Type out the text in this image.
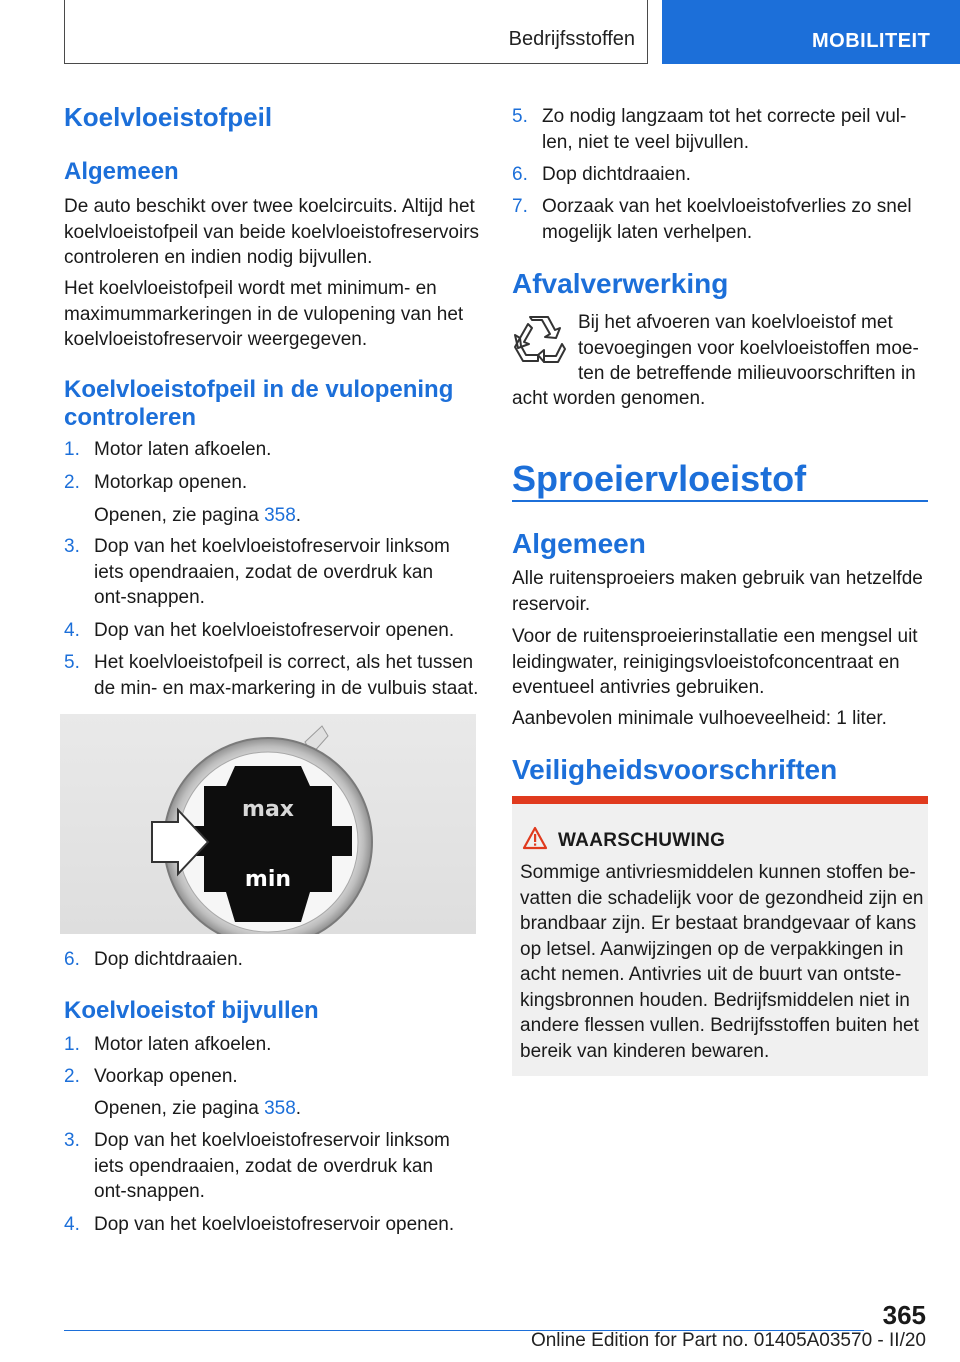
Bedrijfsstoffen	MOBILITEIT
Koelvloeistofpeil
Algemeen
De auto beschikt over twee koelcircuits. Altijd het koelvloeistofpeil van beide koelvloeistofreservoirs controleren en indien nodig bijvullen.
Het koelvloeistofpeil wordt met minimum- en maximummarkeringen in de vulopening van het koelvloeistofreservoir weergegeven.
Koelvloeistofpeil in de vulopening controleren
1. Motor laten afkoelen.
2. Motorkap openen.
Openen, zie pagina 358.
3. Dop van het koelvloeistofreservoir linksom iets opendraaien, zodat de overdruk kan ont-snappen.
4. Dop van het koelvloeistofreservoir openen.
5. Het koelvloeistofpeil is correct, als het tussen de min- en max-markering in de vulbuis staat.
max
min
6. Dop dichtdraaien.
Koelvloeistof bijvullen
1. Motor laten afkoelen.
2. Voorkap openen.
Openen, zie pagina 358.
3. Dop van het koelvloeistofreservoir linksom iets opendraaien, zodat de overdruk kan ont-snappen.
4. Dop van het koelvloeistofreservoir openen.
5. Zo nodig langzaam tot het correcte peil vul-len, niet te veel bijvullen.
6. Dop dichtdraaien.
7. Oorzaak van het koelvloeistofverlies zo snel mogelijk laten verhelpen.
Afvalverwerking
Bij het afvoeren van koelvloeistof met
toevoegingen voor koelvloeistoffen moe-
ten de betreffende milieuvoorschriften in
acht worden genomen.
Sproeiervloeistof
Algemeen
Alle ruitensproeiers maken gebruik van hetzelfde reservoir.
Voor de ruitensproeierinstallatie een mengsel uit leidingwater, reinigingsvloeistofconcentraat en eventueel antivries gebruiken.
Aanbevolen minimale vulhoeveelheid: 1 liter.
Veiligheidsvoorschriften
WAARSCHUWING
Sommige antivriesmiddelen kunnen stoffen be-vatten die schadelijk voor de gezondheid zijn en brandbaar zijn. Er bestaat brandgevaar of kans op letsel. Aanwijzingen op de verpakkingen in acht nemen. Antivries uit de buurt van ontste-kingsbronnen houden. Bedrijfsmiddelen niet in andere flessen vullen. Bedrijfsstoffen buiten het bereik van kinderen bewaren.
365
Online Edition for Part no. 01405A03570 - II/20
